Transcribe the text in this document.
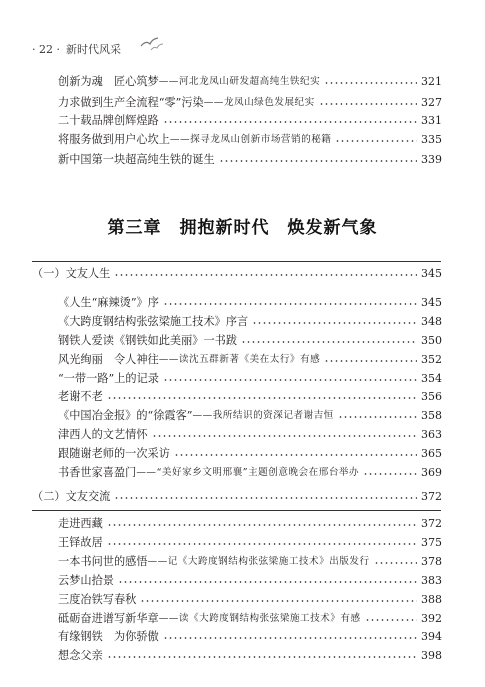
· 22 · 新时代风采
创新为魂　匠心筑梦 ——河北龙凤山研发超高纯生铁纪实	321
力求做到生产全流程“零”污染 ——龙凤山绿色发展纪实	327
二十载品牌创辉煌路	331
将服务做到用户心坎上 ——探寻龙凤山创新市场营销的秘籍	335
新中国第一块超高纯生铁的诞生	339
（一）文友人生	345
《人生“麻辣烫”》序	345
《大跨度钢结构张弦梁施工技术》序言	348
钢铁人爱读《钢铁如此美丽》一书跋	350
风光绚丽　令人神往 ——读沈五群新著《美在太行》有感	352
“一带一路”上的记录	354
老谢不老	356
《中国冶金报》的“徐霞客” ——我所结识的资深记者谢吉恒	358
津西人的文艺情怀	363
跟随谢老师的一次采访	365
书香世家喜盈门 ——“美好家乡文明邢襄”主题创意晚会在邢台举办	369
（二）文友交流	372
走进西藏	372
王铎故居	375
一本书问世的感悟 ——记《大跨度钢结构张弦梁施工技术》出版发行	378
云梦山拾景	383
三度冶铁写春秋	388
砥砺奋进谱写新华章 ——读《大跨度钢结构张弦梁施工技术》有感	392
有缘钢铁　为你骄傲	394
想念父亲	398
第三章　拥抱新时代　焕发新气象
